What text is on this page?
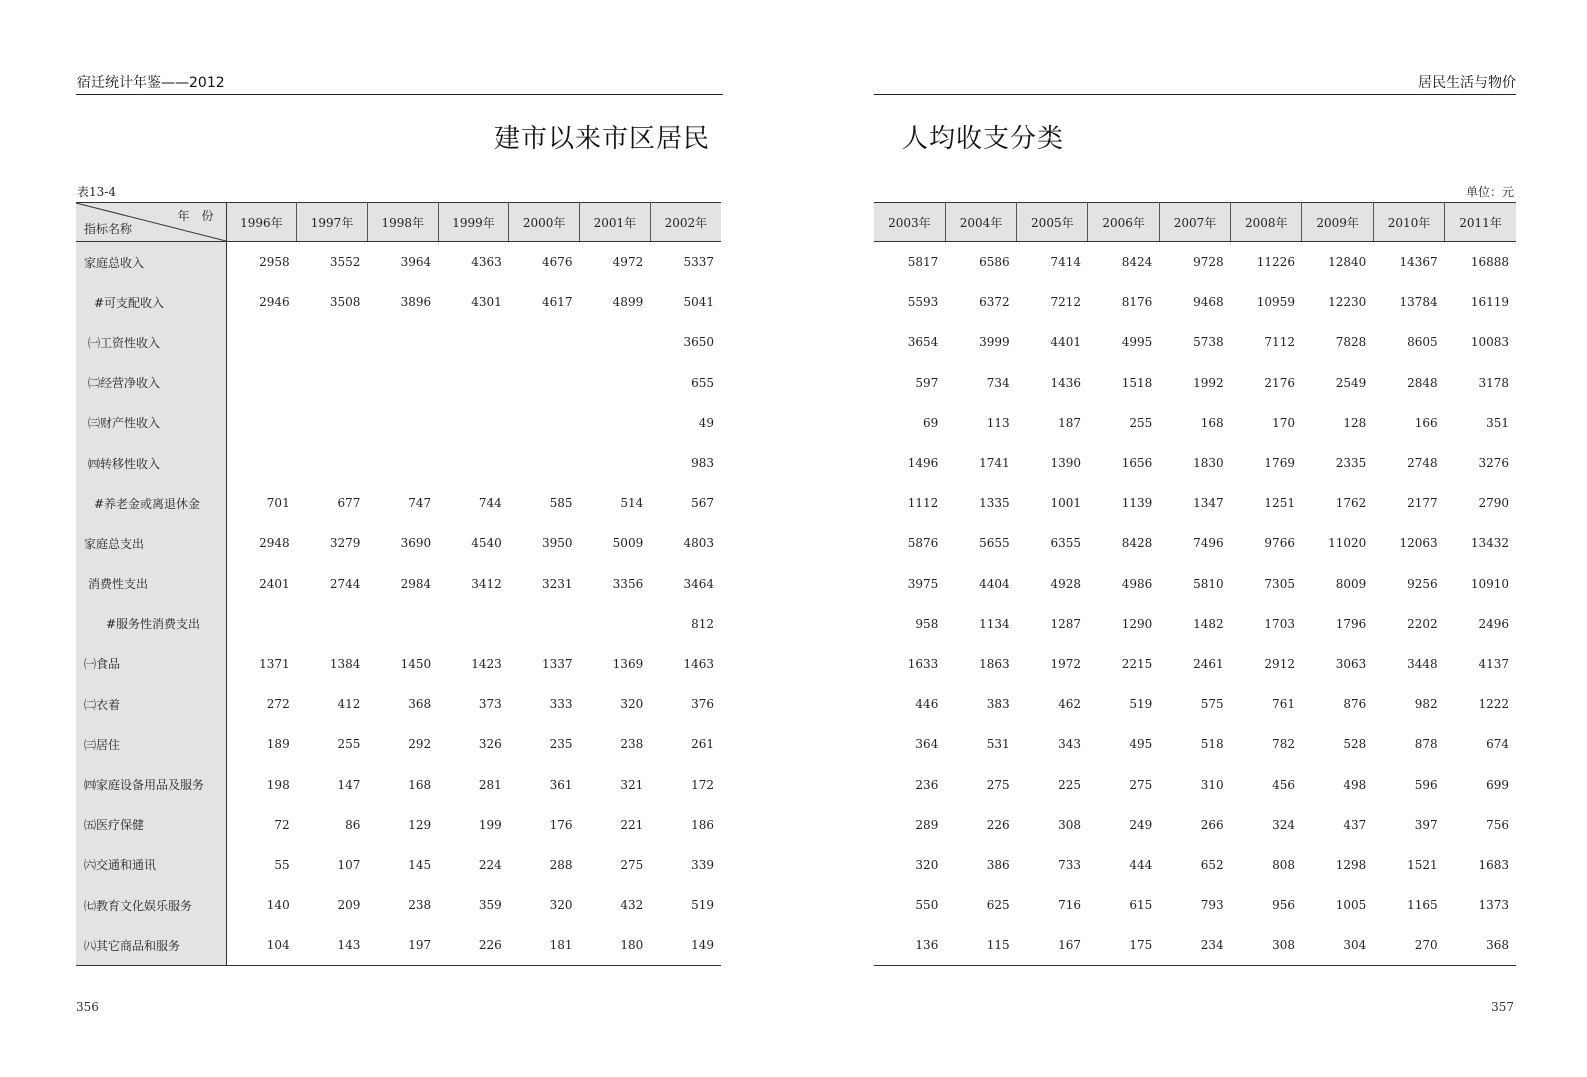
宿迁统计年鉴——2012	居民生活与物价
建市以来市区居民	人均收支分类
表13-4	单位：元
年　份
指标名称	1996年	1997年	1998年	1999年	2000年	2001年	2002年
家庭总收入	2958	3552	3964	4363	4676	4972	5337
#可支配收入	2946	3508	3896	4301	4617	4899	5041
㈠工资性收入							3650
㈡经营净收入							655
㈢财产性收入							49
㈣转移性收入							983
#养老金或离退休金	701	677	747	744	585	514	567
家庭总支出	2948	3279	3690	4540	3950	5009	4803
消费性支出	2401	2744	2984	3412	3231	3356	3464
#服务性消费支出							812
㈠食品	1371	1384	1450	1423	1337	1369	1463
㈡衣着	272	412	368	373	333	320	376
㈢居住	189	255	292	326	235	238	261
㈣家庭设备用品及服务	198	147	168	281	361	321	172
㈤医疗保健	72	86	129	199	176	221	186
㈥交通和通讯	55	107	145	224	288	275	339
㈦教育文化娱乐服务	140	209	238	359	320	432	519
㈧其它商品和服务	104	143	197	226	181	180	149
2003年	2004年	2005年	2006年	2007年	2008年	2009年	2010年	2011年
5817	6586	7414	8424	9728	11226	12840	14367	16888
5593	6372	7212	8176	9468	10959	12230	13784	16119
3654	3999	4401	4995	5738	7112	7828	8605	10083
597	734	1436	1518	1992	2176	2549	2848	3178
69	113	187	255	168	170	128	166	351
1496	1741	1390	1656	1830	1769	2335	2748	3276
1112	1335	1001	1139	1347	1251	1762	2177	2790
5876	5655	6355	8428	7496	9766	11020	12063	13432
3975	4404	4928	4986	5810	7305	8009	9256	10910
958	1134	1287	1290	1482	1703	1796	2202	2496
1633	1863	1972	2215	2461	2912	3063	3448	4137
446	383	462	519	575	761	876	982	1222
364	531	343	495	518	782	528	878	674
236	275	225	275	310	456	498	596	699
289	226	308	249	266	324	437	397	756
320	386	733	444	652	808	1298	1521	1683
550	625	716	615	793	956	1005	1165	1373
136	115	167	175	234	308	304	270	368
356	357
